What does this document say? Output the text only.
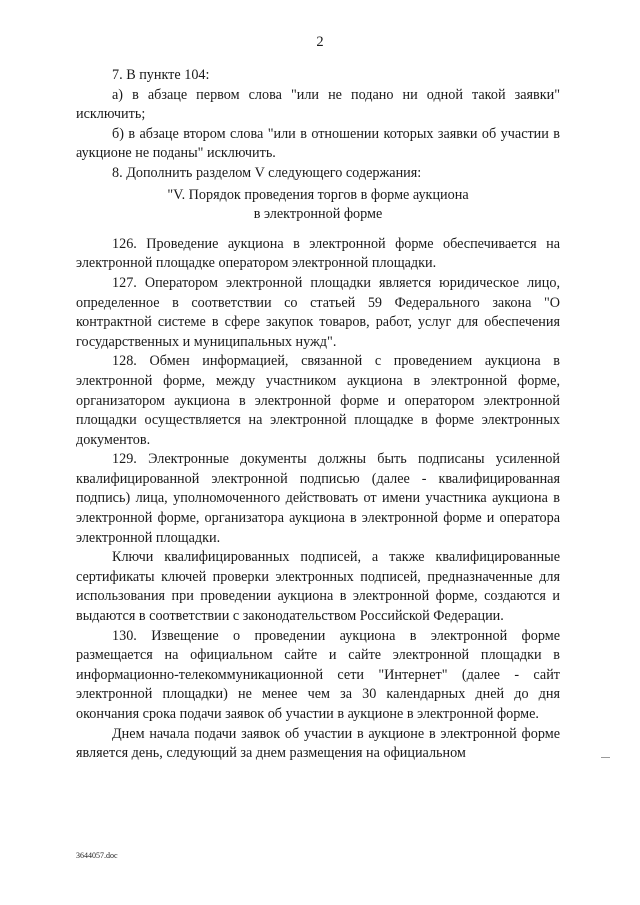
2

7. В пункте 104:

а) в абзаце первом слова "или не подано ни одной такой заявки" исключить;

б) в абзаце втором слова "или в отношении которых заявки об участии в аукционе не поданы" исключить.

8. Дополнить разделом V следующего содержания:

"V. Порядок проведения торгов в форме аукциона
в электронной форме

126. Проведение аукциона в электронной форме обеспечивается на электронной площадке оператором электронной площадки.

127. Оператором электронной площадки является юридическое лицо, определенное в соответствии со статьей 59 Федерального закона "О контрактной системе в сфере закупок товаров, работ, услуг для обеспечения государственных и муниципальных нужд".

128. Обмен информацией, связанной с проведением аукциона в электронной форме, между участником аукциона в электронной форме, организатором аукциона в электронной форме и оператором электронной площадки осуществляется на электронной площадке в форме электронных документов.

129. Электронные документы должны быть подписаны усиленной квалифицированной электронной подписью (далее - квалифицированная подпись) лица, уполномоченного действовать от имени участника аукциона в электронной форме, организатора аукциона в электронной форме и оператора электронной площадки.

Ключи квалифицированных подписей, а также квалифицированные сертификаты ключей проверки электронных подписей, предназначенные для использования при проведении аукциона в электронной форме, создаются и выдаются в соответствии с законодательством Российской Федерации.

130. Извещение о проведении аукциона в электронной форме размещается на официальном сайте и сайте электронной площадки в информационно-телекоммуникационной сети "Интернет" (далее - сайт электронной площадки) не менее чем за 30 календарных дней до дня окончания срока подачи заявок об участии в аукционе в электронной форме.

Днем начала подачи заявок об участии в аукционе в электронной форме является день, следующий за днем размещения на официальном

3644057.doc
